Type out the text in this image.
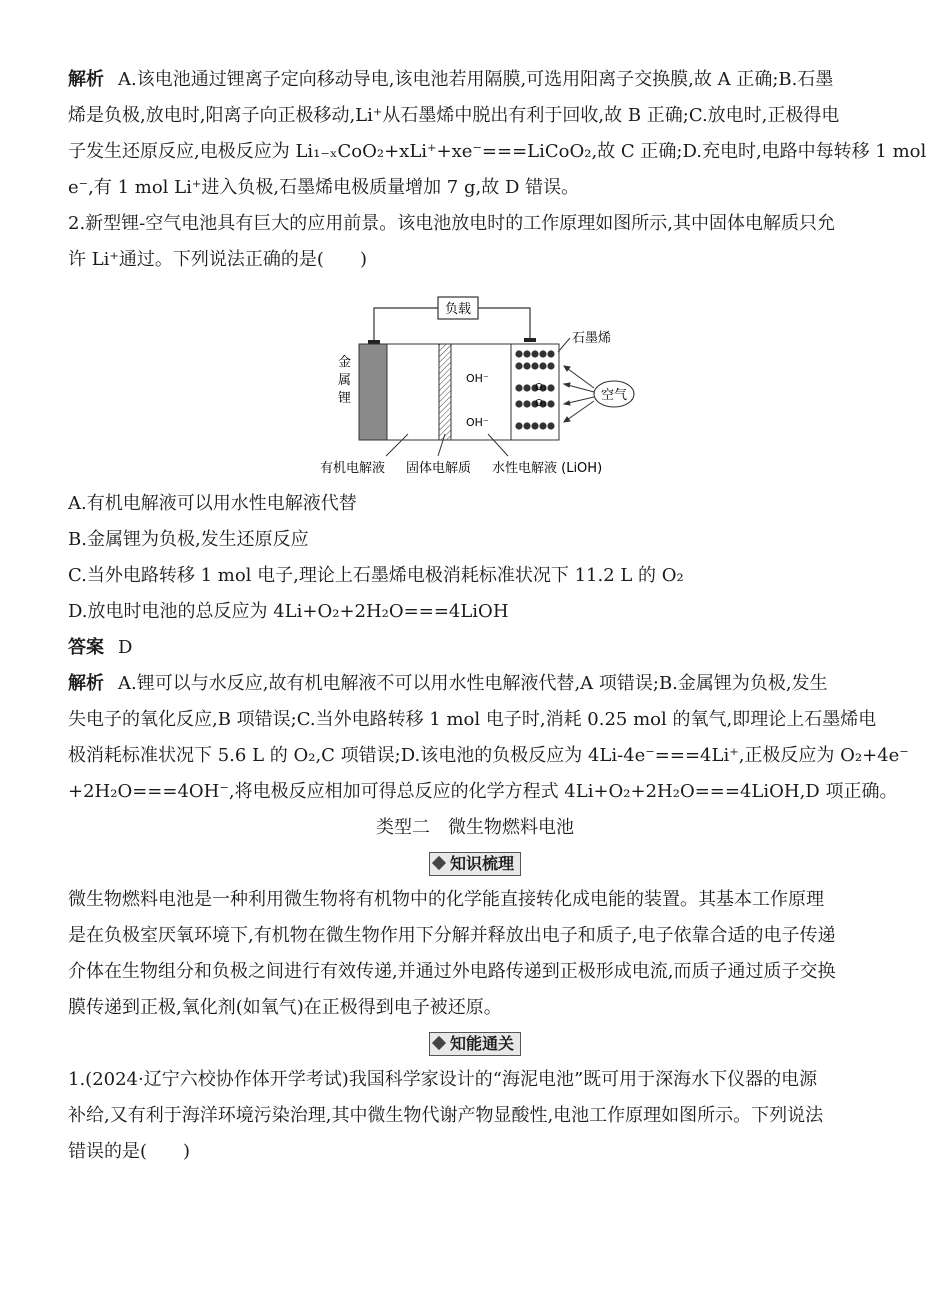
解析 A.该电池通过锂离子定向移动导电,该电池若用隔膜,可选用阳离子交换膜,故 A 正确;B.石墨

烯是负极,放电时,阳离子向正极移动,Li⁺从石墨烯中脱出有利于回收,故 B 正确;C.放电时,正极得电

子发生还原反应,电极反应为 Li₁₋ₓCoO₂+xLi⁺+xe⁻===LiCoO₂,故 C 正确;D.充电时,电路中每转移 1 mol

e⁻,有 1 mol Li⁺进入负极,石墨烯电极质量增加 7 g,故 D 错误。

2.新型锂-空气电池具有巨大的应用前景。该电池放电时的工作原理如图所示,其中固体电解质只允

许 Li⁺通过。下列说法正确的是(　　)

负载
OH⁻
OH⁻
O₂
O₂
石墨烯
空气
金
属
锂
有机电解液 固体电解质 水性电解液 (LiOH)

A.有机电解液可以用水性电解液代替

B.金属锂为负极,发生还原反应

C.当外电路转移 1 mol 电子,理论上石墨烯电极消耗标准状况下 11.2 L 的 O₂

D.放电时电池的总反应为 4Li+O₂+2H₂O===4LiOH

答案 D

解析 A.锂可以与水反应,故有机电解液不可以用水性电解液代替,A 项错误;B.金属锂为负极,发生

失电子的氧化反应,B 项错误;C.当外电路转移 1 mol 电子时,消耗 0.25 mol 的氧气,即理论上石墨烯电

极消耗标准状况下 5.6 L 的 O₂,C 项错误;D.该电池的负极反应为 4Li-4e⁻===4Li⁺,正极反应为 O₂+4e⁻

+2H₂O===4OH⁻,将电极反应相加可得总反应的化学方程式 4Li+O₂+2H₂O===4LiOH,D 项正确。

类型二　微生物燃料电池

知识梳理

微生物燃料电池是一种利用微生物将有机物中的化学能直接转化成电能的装置。其基本工作原理

是在负极室厌氧环境下,有机物在微生物作用下分解并释放出电子和质子,电子依靠合适的电子传递

介体在生物组分和负极之间进行有效传递,并通过外电路传递到正极形成电流,而质子通过质子交换

膜传递到正极,氧化剂(如氧气)在正极得到电子被还原。

知能通关

1.(2024·辽宁六校协作体开学考试)我国科学家设计的“海泥电池”既可用于深海水下仪器的电源

补给,又有利于海洋环境污染治理,其中微生物代谢产物显酸性,电池工作原理如图所示。下列说法

错误的是(　　)
